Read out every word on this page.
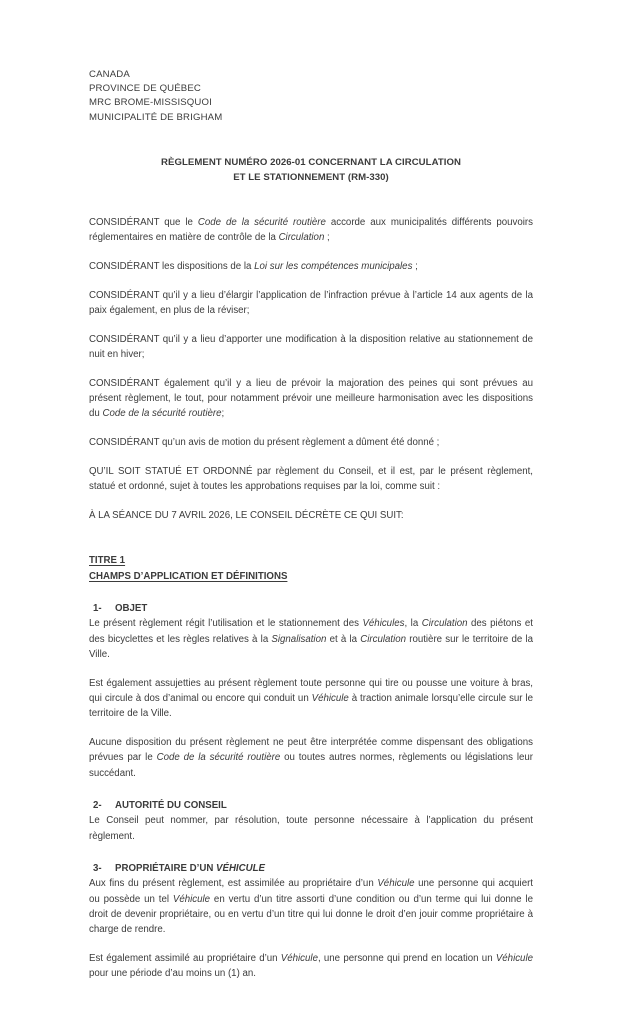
CANADA
PROVINCE DE QUÉBEC
MRC BROME-MISSISQUOI
MUNICIPALITÉ DE BRIGHAM
RÈGLEMENT NUMÉRO 2026-01 CONCERNANT LA CIRCULATION
ET LE STATIONNEMENT (RM-330)

CONSIDÉRANT que le Code de la sécurité routière accorde aux municipalités différents pouvoirs réglementaires en matière de contrôle de la Circulation ;

CONSIDÉRANT les dispositions de la Loi sur les compétences municipales ;

CONSIDÉRANT qu’il y a lieu d’élargir l’application de l’infraction prévue à l’article 14 aux agents de la paix également, en plus de la réviser;

CONSIDÉRANT qu’il y a lieu d’apporter une modification à la disposition relative au stationnement de nuit en hiver;

CONSIDÉRANT également qu’il y a lieu de prévoir la majoration des peines qui sont prévues au présent règlement, le tout, pour notamment prévoir une meilleure harmonisation avec les dispositions du Code de la sécurité routière;

CONSIDÉRANT qu’un avis de motion du présent règlement a dûment été donné ;

QU’IL SOIT STATUÉ ET ORDONNÉ par règlement du Conseil, et il est, par le présent règlement, statué et ordonné, sujet à toutes les approbations requises par la loi, comme suit :

À LA SÉANCE DU 7 AVRIL 2026, LE CONSEIL DÉCRÈTE CE QUI SUIT:

TITRE 1
CHAMPS D’APPLICATION ET DÉFINITIONS
1- OBJET

Le présent règlement régit l’utilisation et le stationnement des Véhicules, la Circulation des piétons et des bicyclettes et les règles relatives à la Signalisation et à la Circulation routière sur le territoire de la Ville.

Est également assujetties au présent règlement toute personne qui tire ou pousse une voiture à bras, qui circule à dos d’animal ou encore qui conduit un Véhicule à traction animale lorsqu’elle circule sur le territoire de la Ville.

Aucune disposition du présent règlement ne peut être interprétée comme dispensant des obligations prévues par le Code de la sécurité routière ou toutes autres normes, règlements ou législations leur succédant.

2- AUTORITÉ DU CONSEIL

Le Conseil peut nommer, par résolution, toute personne nécessaire à l’application du présent règlement.

3- PROPRIÉTAIRE D’UN VÉHICULE

Aux fins du présent règlement, est assimilée au propriétaire d’un Véhicule une personne qui acquiert ou possède un tel Véhicule en vertu d’un titre assorti d’une condition ou d’un terme qui lui donne le droit de devenir propriétaire, ou en vertu d’un titre qui lui donne le droit d’en jouir comme propriétaire à charge de rendre.

Est également assimilé au propriétaire d’un Véhicule, une personne qui prend en location un Véhicule pour une période d’au moins un (1) an.
